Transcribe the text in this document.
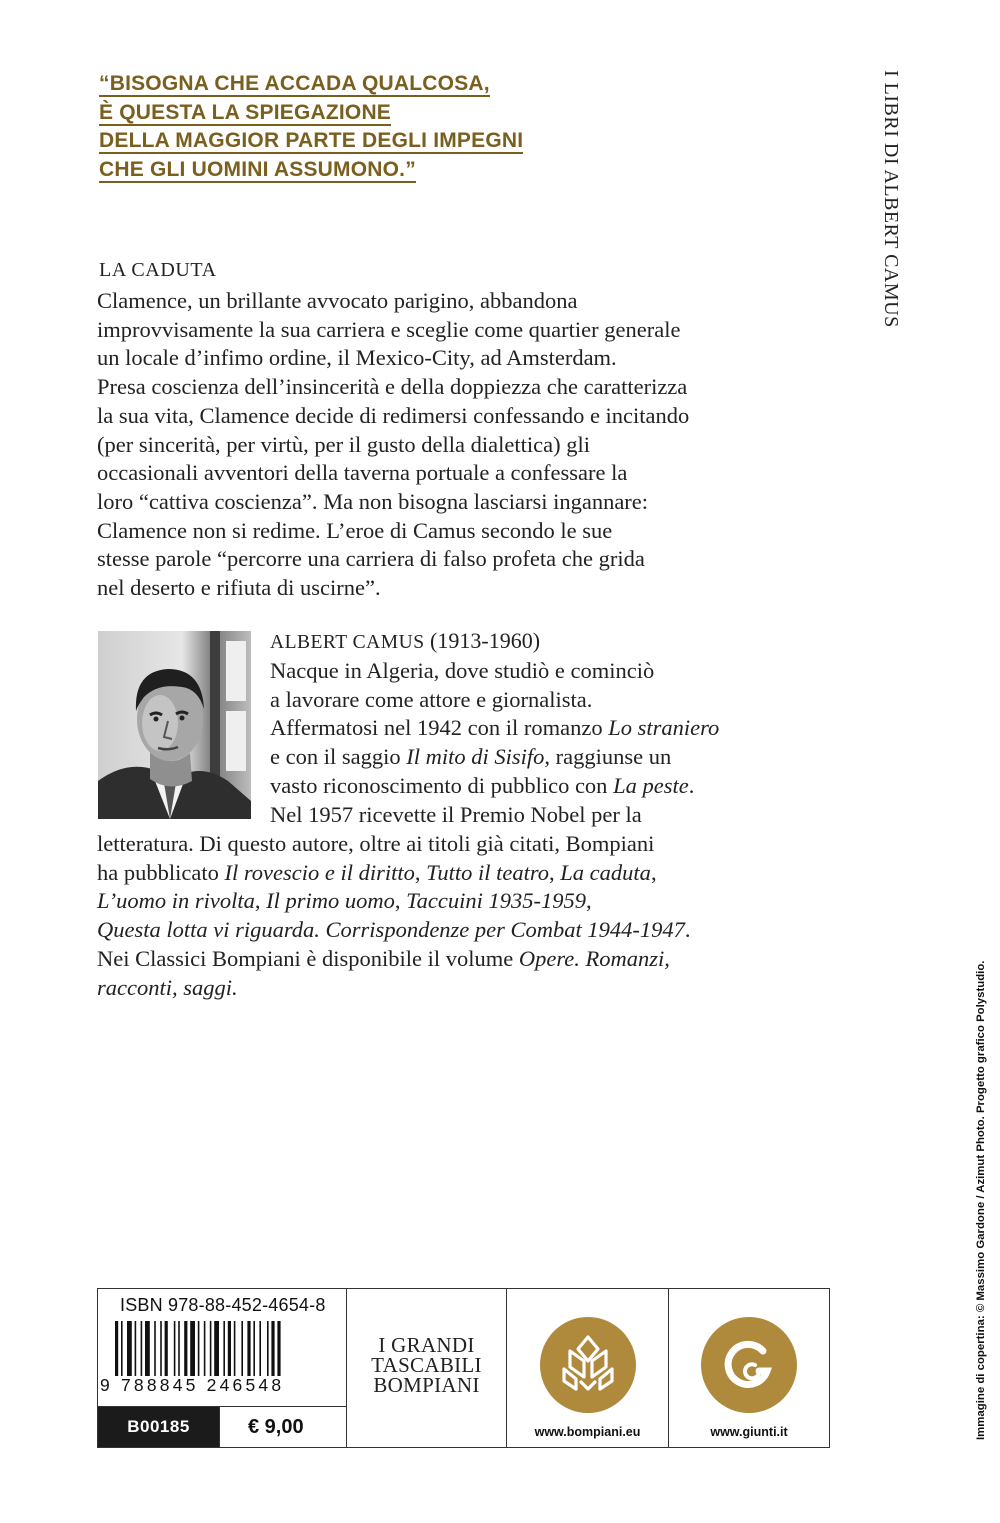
“BISOGNA CHE ACCADA QUALCOSA,
È QUESTA LA SPIEGAZIONE
DELLA MAGGIOR PARTE DEGLI IMPEGNI
CHE GLI UOMINI ASSUMONO.”	I LIBRI DI ALBERT CAMUS
LA CADUTA
Clamence, un brillante avvocato parigino, abbandona
improvvisamente la sua carriera e sceglie come quartier generale
un locale d’infimo ordine, il Mexico-City, ad Amsterdam.
Presa coscienza dell’insincerità e della doppiezza che caratterizza
la sua vita, Clamence decide di redimersi confessando e incitando
(per sincerità, per virtù, per il gusto della dialettica) gli
occasionali avventori della taverna portuale a confessare la
loro “cattiva coscienza”. Ma non bisogna lasciarsi ingannare:
Clamence non si redime. L’eroe di Camus secondo le sue
stesse parole “percorre una carriera di falso profeta che grida
nel deserto e rifiuta di uscirne”.
ALBERT CAMUS (1913-1960)
Nacque in Algeria, dove studiò e cominciò
a lavorare come attore e giornalista.
Affermatosi nel 1942 con il romanzo Lo straniero
e con il saggio Il mito di Sisifo, raggiunse un
vasto riconoscimento di pubblico con La peste.
Nel 1957 ricevette il Premio Nobel per la
letteratura. Di questo autore, oltre ai titoli già citati, Bompiani
ha pubblicato Il rovescio e il diritto, Tutto il teatro, La caduta,
L’uomo in rivolta, Il primo uomo, Taccuini 1935-1959,
Questa lotta vi riguarda. Corrispondenze per Combat 1944-1947.
Nei Classici Bompiani è disponibile il volume Opere. Romanzi,
racconti, saggi.	Immagine di copertina: © Massimo Gardone / Azimut Photo. Progetto grafico Polystudio.
ISBN 978-88-452-4654-8
9 788845 246548
B00185	€ 9,00
I GRANDI
TASCABILI
BOMPIANI
www.bompiani.eu	www.giunti.it
